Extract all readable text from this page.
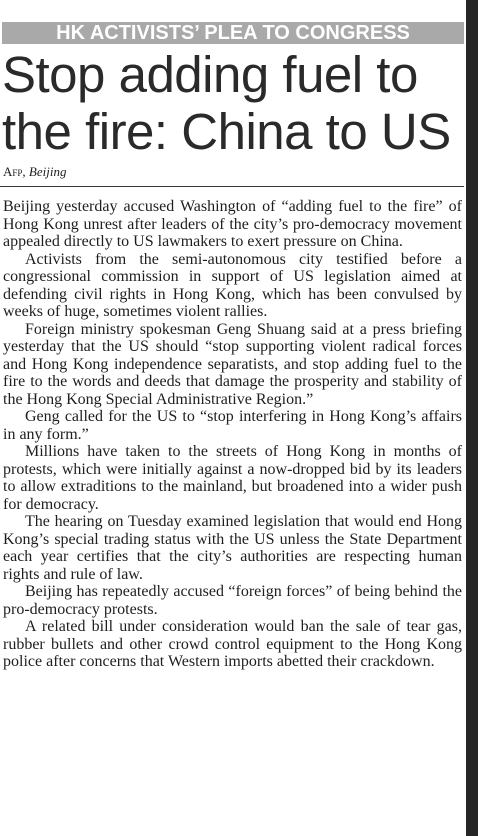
HK ACTIVISTS’ PLEA TO CONGRESS
Stop adding fuel to the fire: China to US
Afp, Beijing

Beijing yesterday accused Washington of “adding fuel to the fire” of Hong Kong unrest after leaders of the city’s pro-democracy movement appealed directly to US lawmakers to exert pressure on China.

Activists from the semi-autonomous city testified before a congressional commission in support of US legislation aimed at defending civil rights in Hong Kong, which has been convulsed by weeks of huge, sometimes violent rallies.

Foreign ministry spokesman Geng Shuang said at a press briefing yesterday that the US should “stop supporting violent radical forces and Hong Kong independence separatists, and stop adding fuel to the fire to the words and deeds that damage the prosperity and stability of the Hong Kong Special Administrative Region.”

Geng called for the US to “stop interfering in Hong Kong’s affairs in any form.”

Millions have taken to the streets of Hong Kong in months of protests, which were initially against a now-dropped bid by its leaders to allow extraditions to the mainland, but broadened into a wider push for democracy.

The hearing on Tuesday examined legislation that would end Hong Kong’s special trading status with the US unless the State Department each year certifies that the city’s authorities are respecting human rights and rule of law.

Beijing has repeatedly accused “foreign forces” of being behind the pro-democracy protests.

A related bill under consideration would ban the sale of tear gas, rubber bullets and other crowd control equipment to the Hong Kong police after concerns that Western imports abetted their crackdown.
